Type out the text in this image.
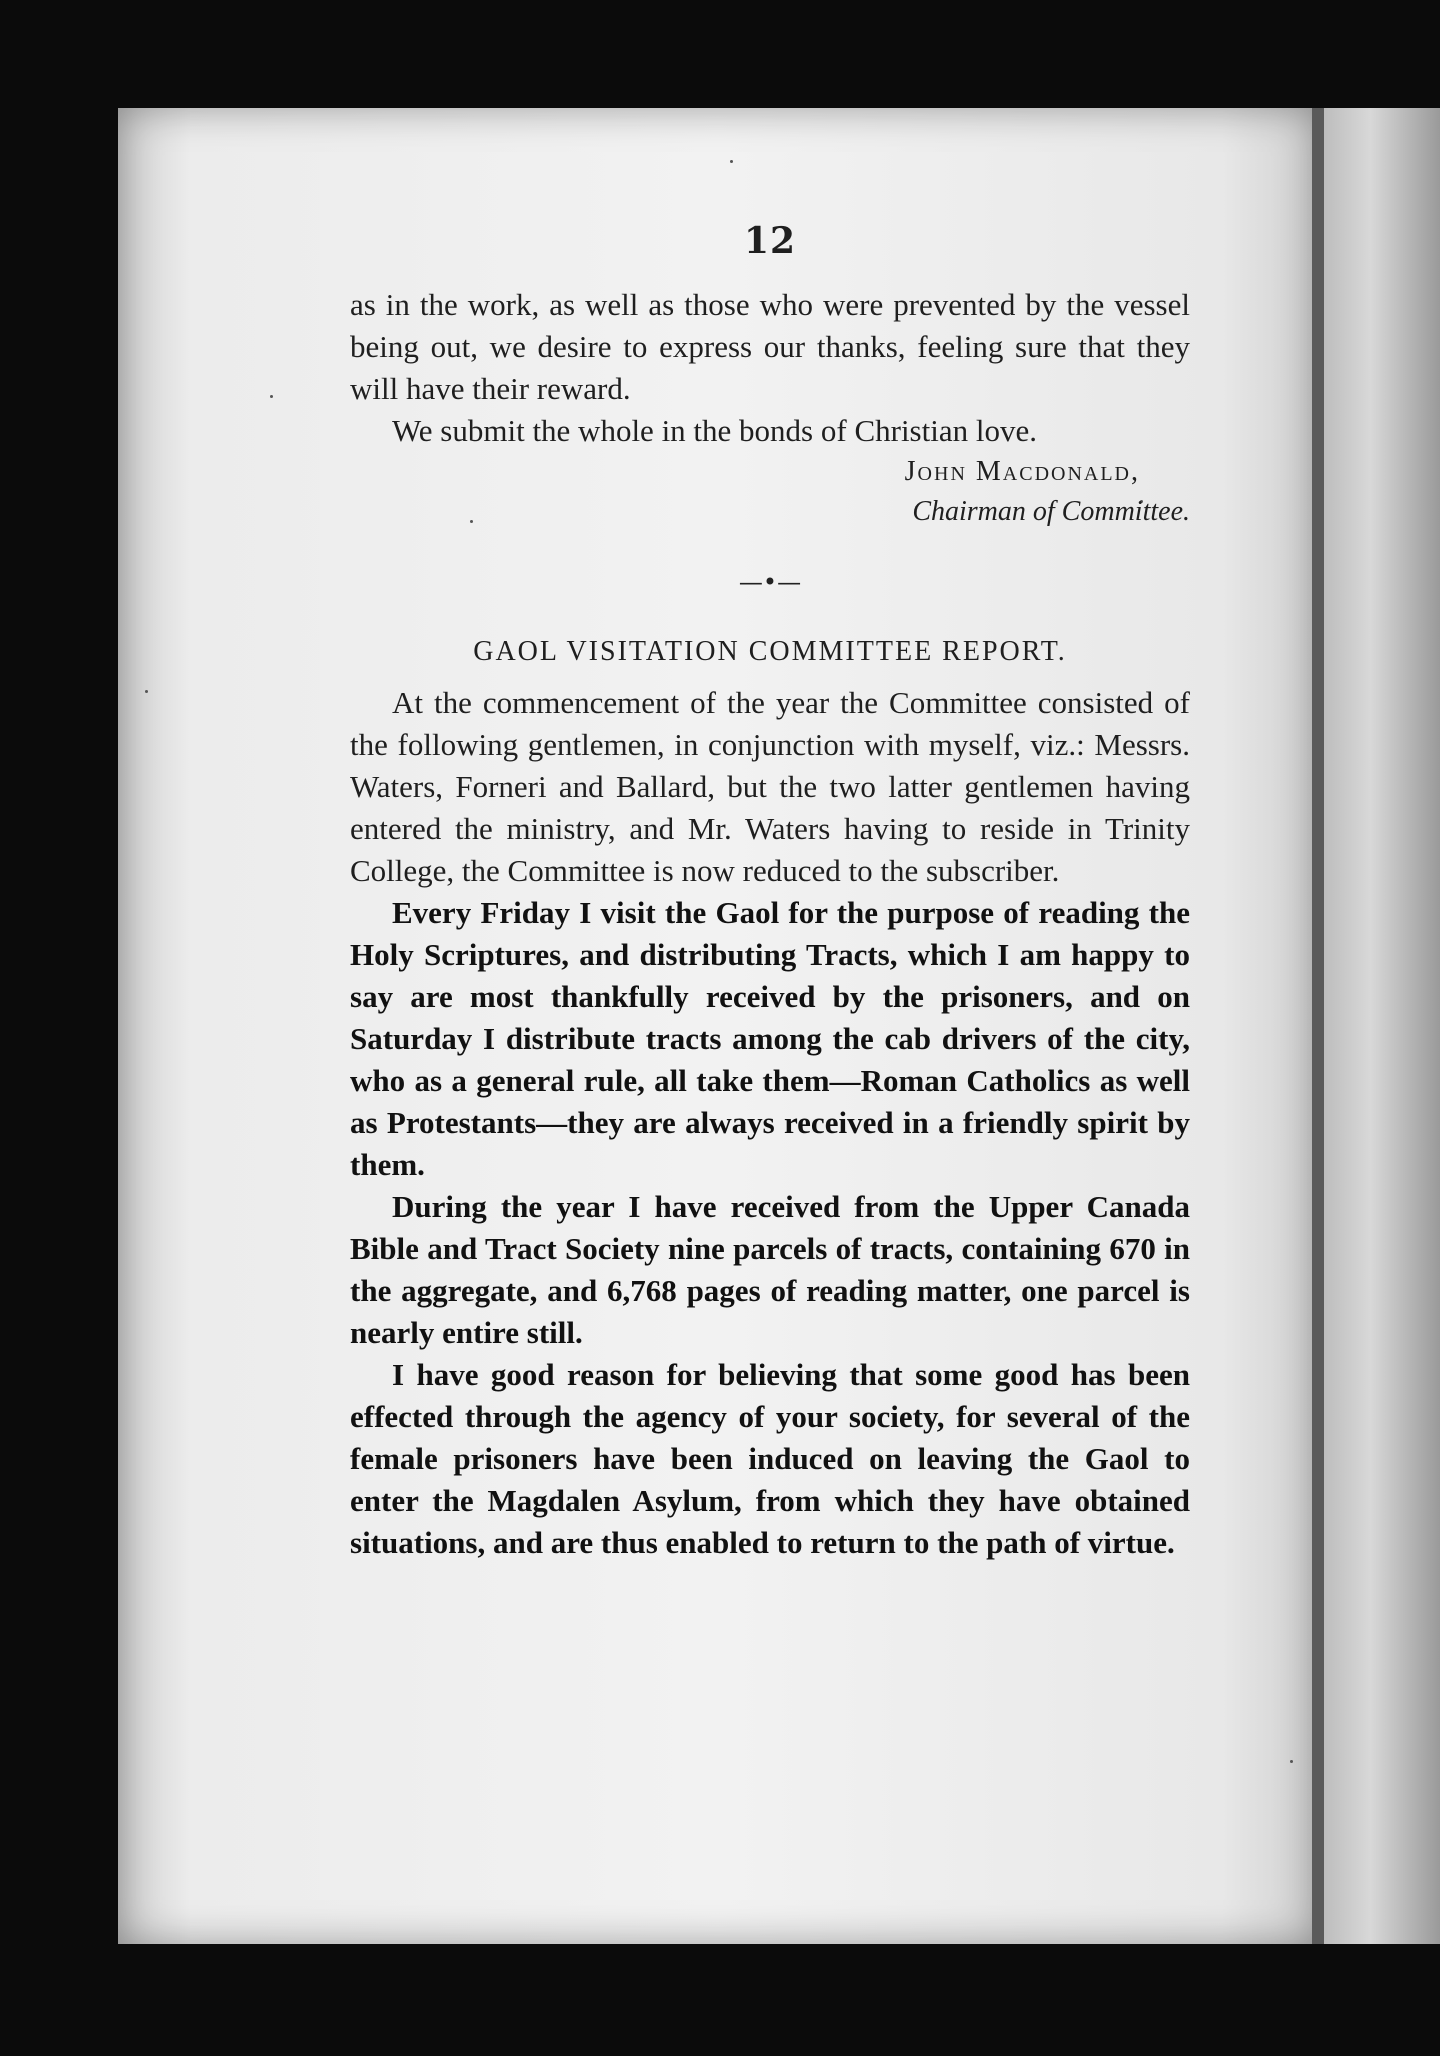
12

as in the work, as well as those who were prevented by the vessel being out, we desire to express our thanks, feeling sure that they will have their reward.

We submit the whole in the bonds of Christian love.

John Macdonald,

Chairman of Committee.

—•—
GAOL VISITATION COMMITTEE REPORT.

At the commencement of the year the Committee consisted of the following gentlemen, in conjunction with myself, viz.: Messrs. Waters, Forneri and Ballard, but the two latter gentlemen having entered the ministry, and Mr. Waters having to reside in Trinity College, the Committee is now reduced to the subscriber.

Every Friday I visit the Gaol for the purpose of reading the Holy Scriptures, and distributing Tracts, which I am happy to say are most thankfully received by the prisoners, and on Saturday I distribute tracts among the cab drivers of the city, who as a general rule, all take them—Roman Catholics as well as Protestants—they are always received in a friendly spirit by them.

During the year I have received from the Upper Canada Bible and Tract Society nine parcels of tracts, containing 670 in the aggregate, and 6,768 pages of reading matter, one parcel is nearly entire still.

I have good reason for believing that some good has been effected through the agency of your society, for several of the female prisoners have been induced on leaving the Gaol to enter the Magdalen Asylum, from which they have obtained situations, and are thus enabled to return to the path of virtue.
